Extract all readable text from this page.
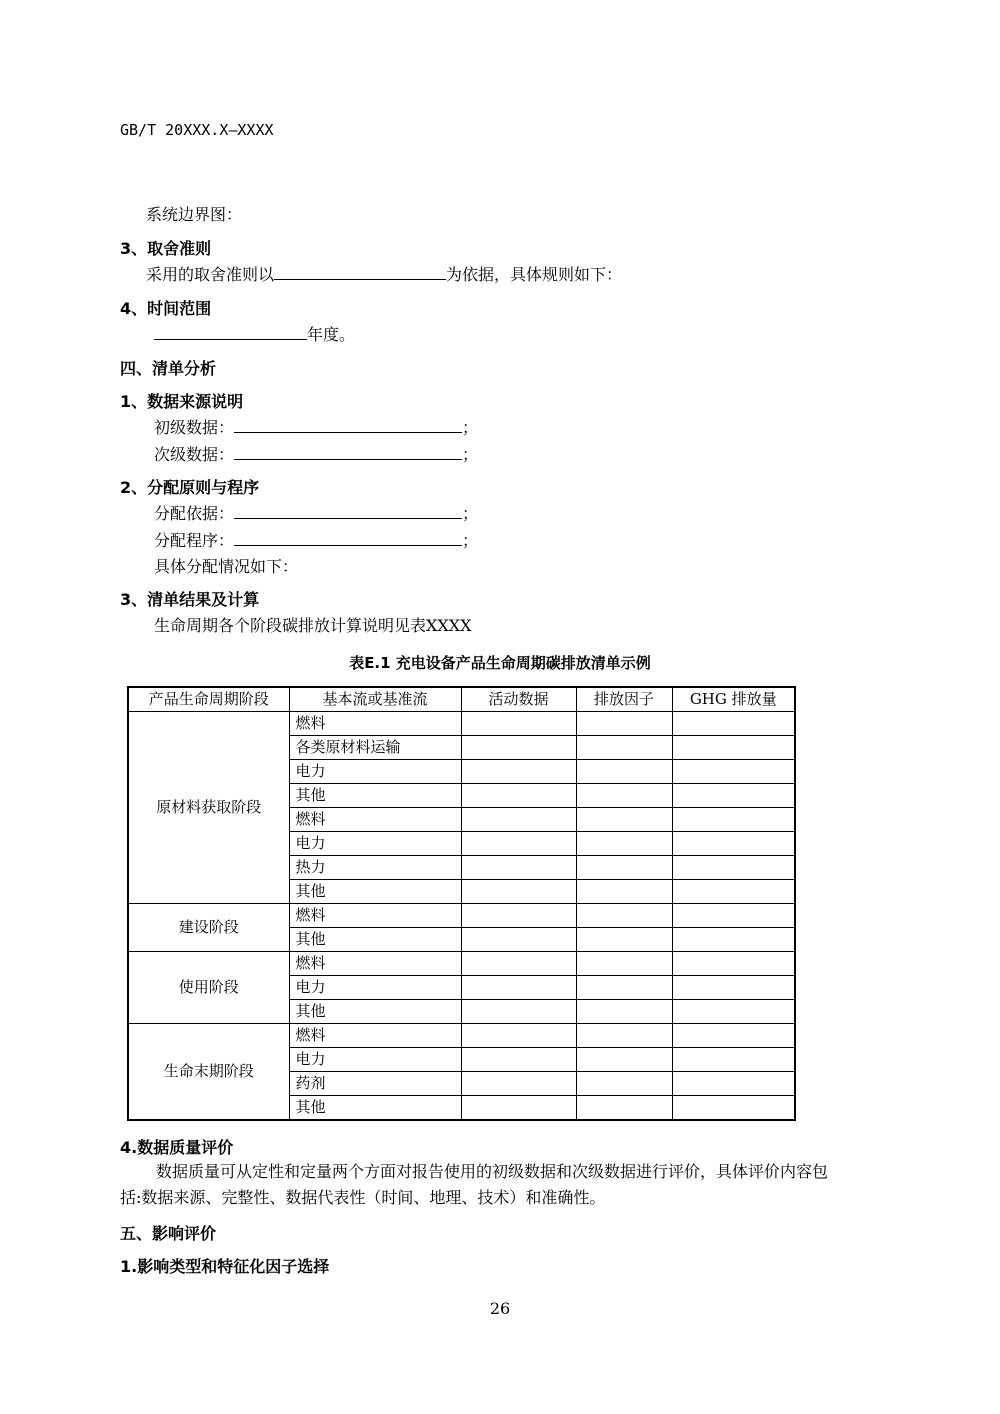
GB/T 20XXX.X—XXXX
系统边界图：
3、取舍准则
采用的取舍准则以	为依据，具体规则如下：
4、时间范围
年度。
四、清单分析
1、数据来源说明
初级数据：	；
次级数据：	；
2、分配原则与程序
分配依据：	；
分配程序：	；
具体分配情况如下：
3、清单结果及计算
生命周期各个阶段碳排放计算说明见表XXXX
表E.1 充电设备产品生命周期碳排放清单示例
产品生命周期阶段	基本流或基准流	活动数据	排放因子	GHG 排放量
原材料获取阶段	燃料			
	各类原材料运输			
	电力			
	其他			
	燃料			
	电力			
	热力			
	其他			
建设阶段	燃料			
	其他			
使用阶段	燃料			
	电力			
	其他			
生命末期阶段	燃料			
	电力			
	药剂			
	其他			
4.数据质量评价
数据质量可从定性和定量两个方面对报告使用的初级数据和次级数据进行评价，具体评价内容包
括:数据来源、完整性、数据代表性（时间、地理、技术）和准确性。
五、影响评价
1.影响类型和特征化因子选择
26
